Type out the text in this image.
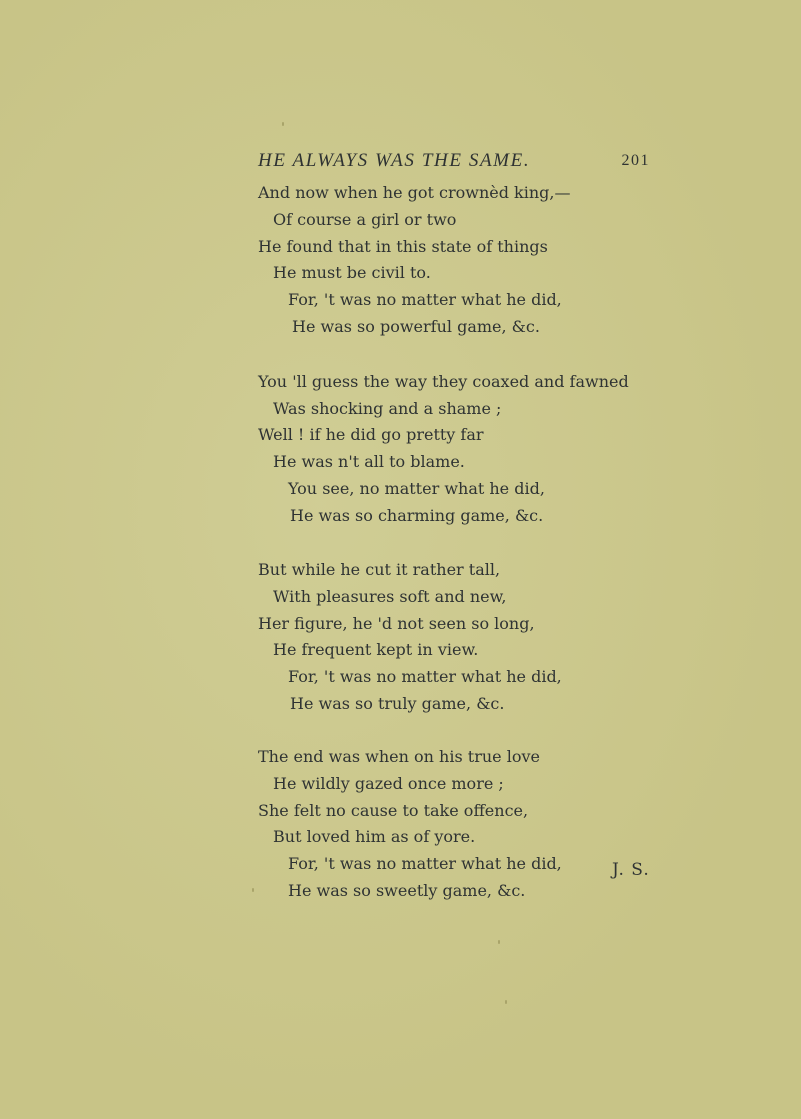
HE ALWAYS WAS THE SAME.	201
And now when he got crownèd king,—
Of course a girl or two
He found that in this state of things
He must be civil to.
For, 't was no matter what he did,
He was so powerful game, &c.
You 'll guess the way they coaxed and fawned
Was shocking and a shame ;
Well ! if he did go pretty far
He was n't all to blame.
You see, no matter what he did,
He was so charming game, &c.
But while he cut it rather tall,
With pleasures soft and new,
Her figure, he 'd not seen so long,
He frequent kept in view.
For, 't was no matter what he did,
He was so truly game, &c.
The end was when on his true love
He wildly gazed once more ;
She felt no cause to take offence,
But loved him as of yore.
For, 't was no matter what he did,
He was so sweetly game, &c.
J. S.
